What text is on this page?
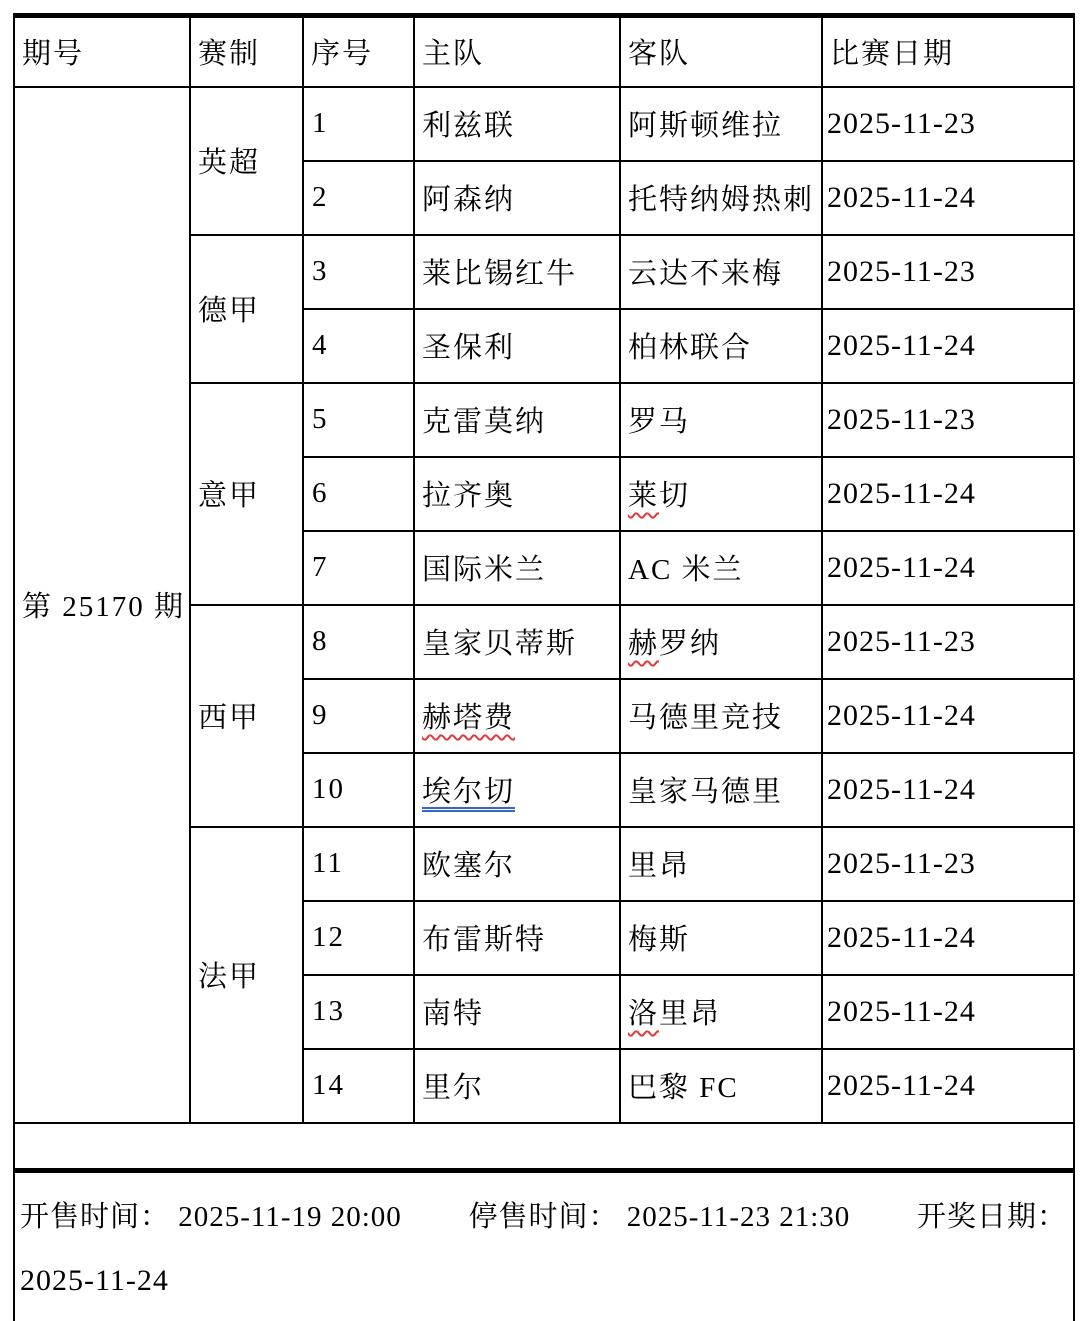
期号	赛制	序号	主队	客队	比赛日期
第 25170 期	英超	1	利兹联	阿斯顿维拉	2025-11-23
		2	阿森纳	托特纳姆热刺	2025-11-24
	德甲	3	莱比锡红牛	云达不来梅	2025-11-23
		4	圣保利	柏林联合	2025-11-24
	意甲	5	克雷莫纳	罗马	2025-11-23
		6	拉齐奥	莱切	2025-11-24
		7	国际米兰	AC 米兰	2025-11-24
	西甲	8	皇家贝蒂斯	赫罗纳	2025-11-23
		9	赫塔费	马德里竞技	2025-11-24
		10	埃尔切	皇家马德里	2025-11-24
	法甲	11	欧塞尔	里昂	2025-11-23
		12	布雷斯特	梅斯	2025-11-24
		13	南特	洛里昂	2025-11-24
		14	里尔	巴黎 FC	2025-11-24

开售时间： 2025-11-19 20:00 停售时间： 2025-11-23 21:30 开奖日期：
2025-11-24					
